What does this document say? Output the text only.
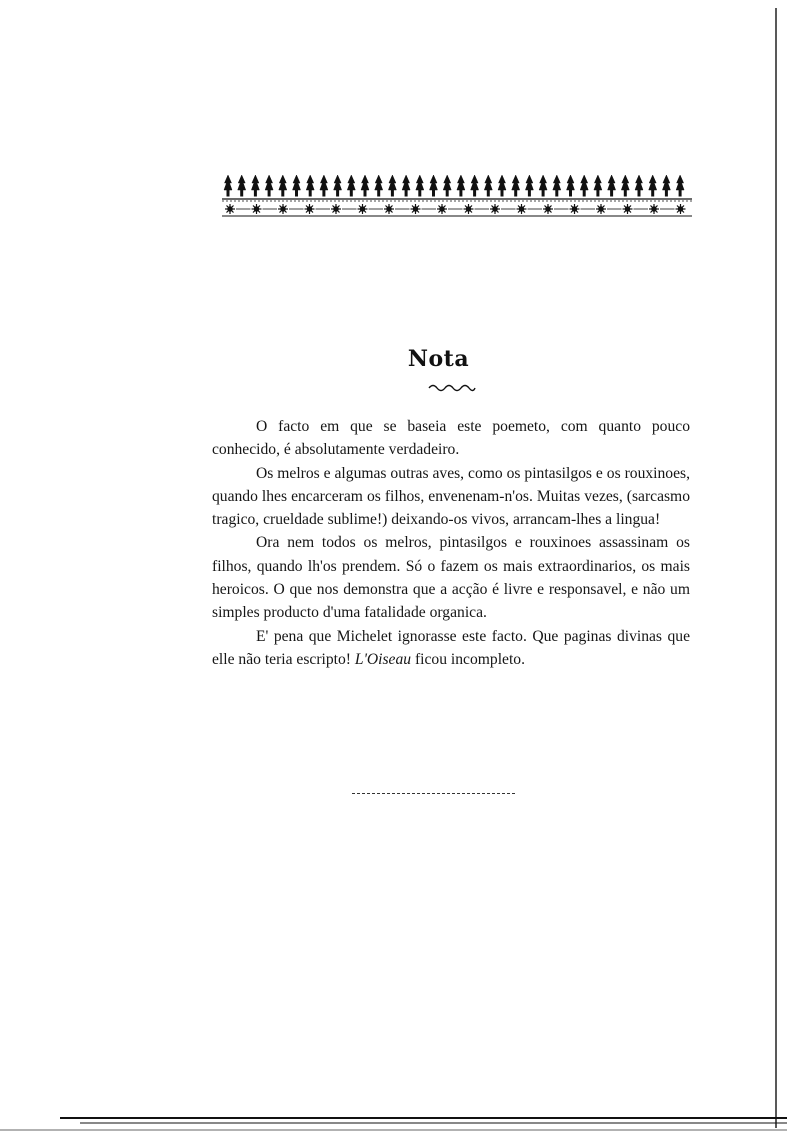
Nota

O facto em que se baseia este poemeto, com quanto pouco conhecido, é absolutamente verdadeiro.

Os melros e algumas outras aves, como os pintasilgos e os rouxinoes, quando lhes encarceram os filhos, envenenam-n'os. Muitas vezes, (sarcasmo tragico, crueldade sublime!) deixando-os vivos, arrancam-lhes a lingua!

Ora nem todos os melros, pintasilgos e rouxinoes assassinam os filhos, quando lh'os prendem. Só o fazem os mais extraordinarios, os mais heroicos. O que nos demonstra que a acção é livre e responsavel, e não um simples producto d'uma fatalidade organica.

E' pena que Michelet ignorasse este facto. Que paginas divinas que elle não teria escripto! L'Oiseau ficou incompleto.
